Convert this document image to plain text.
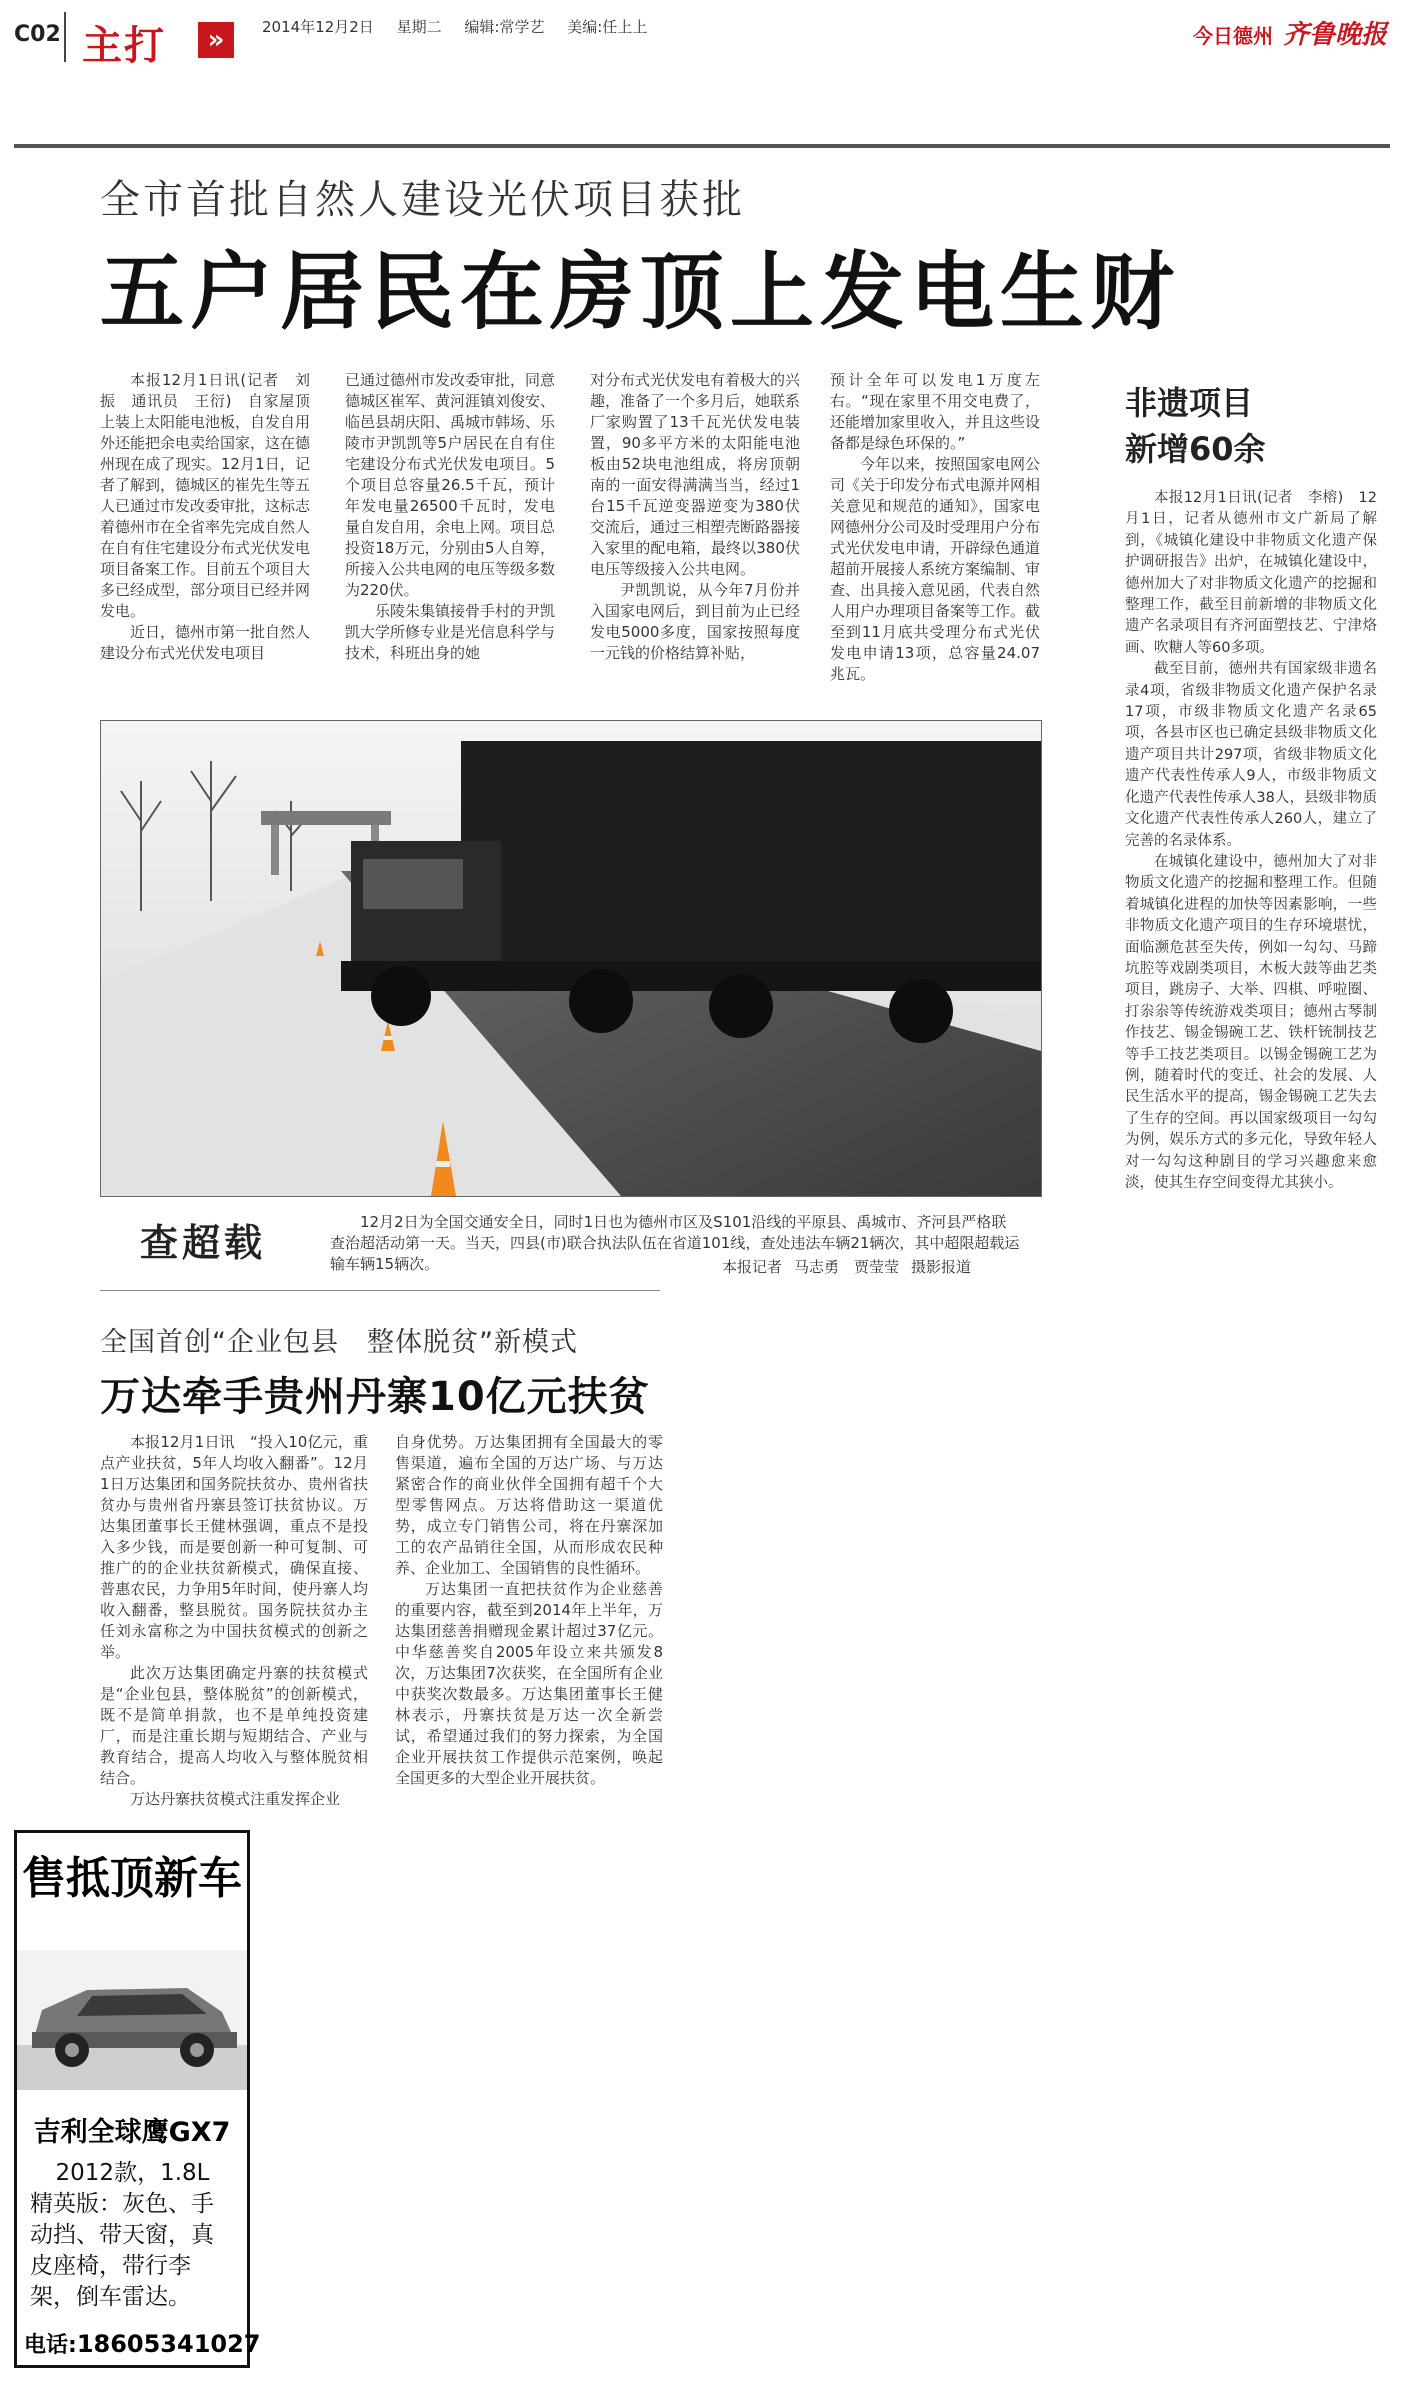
C02 主打	»	2014年12月2日 星期二 编辑:常学艺 美编:任上上	今日德州 齐鲁晚报
全市首批自然人建设光伏项目获批
五户居民在房顶上发电生财

本报12月1日讯(记者　刘振　通讯员　王衍)　自家屋顶上装上太阳能电池板，自发自用外还能把余电卖给国家，这在德州现在成了现实。12月1日，记者了解到，德城区的崔先生等五人已通过市发改委审批，这标志着德州市在全省率先完成自然人在自有住宅建设分布式光伏发电项目备案工作。目前五个项目大多已经成型，部分项目已经并网发电。

近日，德州市第一批自然人建设分布式光伏发电项目

已通过德州市发改委审批，同意德城区崔军、黄河涯镇刘俊安、临邑县胡庆阳、禹城市韩场、乐陵市尹凯凯等5户居民在自有住宅建设分布式光伏发电项目。5个项目总容量26.5千瓦，预计年发电量26500千瓦时，发电量自发自用，余电上网。项目总投资18万元，分别由5人自筹，所接入公共电网的电压等级多数为220伏。

乐陵朱集镇接骨手村的尹凯凯大学所修专业是光信息科学与技术，科班出身的她

对分布式光伏发电有着极大的兴趣，准备了一个多月后，她联系厂家购置了13千瓦光伏发电装置，90多平方米的太阳能电池板由52块电池组成，将房顶朝南的一面安得满满当当，经过1台15千瓦逆变器逆变为380伏交流后，通过三相塑壳断路器接入家里的配电箱，最终以380伏电压等级接入公共电网。

尹凯凯说，从今年7月份并入国家电网后，到目前为止已经发电5000多度，国家按照每度一元钱的价格结算补贴，

预计全年可以发电1万度左右。“现在家里不用交电费了，还能增加家里收入，并且这些设备都是绿色环保的。”

今年以来，按照国家电网公司《关于印发分布式电源并网相关意见和规范的通知》，国家电网德州分公司及时受理用户分布式光伏发电申请，开辟绿色通道超前开展接人系统方案编制、审查、出具接入意见函，代表自然人用户办理项目备案等工作。截至到11月底共受理分布式光伏发电申请13项，总容量24.07兆瓦。

非遗项目
新增60余

本报12月1日讯(记者　李榕)　12月1日，记者从德州市文广新局了解到，《城镇化建设中非物质文化遗产保护调研报告》出炉，在城镇化建设中，德州加大了对非物质文化遗产的挖掘和整理工作，截至目前新增的非物质文化遗产名录项目有齐河面塑技艺、宁津烙画、吹糖人等60多项。

截至目前，德州共有国家级非遗名录4项，省级非物质文化遗产保护名录17项，市级非物质文化遗产名录65项，各县市区也已确定县级非物质文化遗产项目共计297项，省级非物质文化遗产代表性传承人9人，市级非物质文化遗产代表性传承人38人，县级非物质文化遗产代表性传承人260人，建立了完善的名录体系。

在城镇化建设中，德州加大了对非物质文化遗产的挖掘和整理工作。但随着城镇化进程的加快等因素影响，一些非物质文化遗产项目的生存环境堪忧，面临濒危甚至失传，例如一勾勾、马蹄坑腔等戏剧类项目，木板大鼓等曲艺类项目，跳房子、大举、四棋、呼啦圈、打尜尜等传统游戏类项目；德州古琴制作技艺、锡金锡碗工艺、铁杆铳制技艺等手工技艺类项目。以锡金锡碗工艺为例，随着时代的变迁、社会的发展、人民生活水平的提高，锡金锡碗工艺失去了生存的空间。再以国家级项目一勾勾为例，娱乐方式的多元化，导致年轻人对一勾勾这种剧目的学习兴趣愈来愈淡，使其生存空间变得尤其狭小。

查超载	12月2日为全国交通安全日，同时1日也为德州市区及S101沿线的平原县、禹城市、齐河县严格联查治超活动第一天。当天，四县(市)联合执法队伍在省道101线，查处违法车辆21辆次，其中超限超载运输车辆15辆次。	本报记者 马志勇　贾莹莹 摄影报道
全国首创“企业包县　整体脱贫”新模式
万达牵手贵州丹寨10亿元扶贫

本报12月1日讯　“投入10亿元，重点产业扶贫，5年人均收入翻番”。12月1日万达集团和国务院扶贫办、贵州省扶贫办与贵州省丹寨县签订扶贫协议。万达集团董事长王健林强调，重点不是投入多少钱，而是要创新一种可复制、可推广的的企业扶贫新模式，确保直接、普惠农民，力争用5年时间，使丹寨人均收入翻番，整县脱贫。国务院扶贫办主任刘永富称之为中国扶贫模式的创新之举。

此次万达集团确定丹寨的扶贫模式是“企业包县，整体脱贫”的创新模式，既不是简单捐款，也不是单纯投资建厂，而是注重长期与短期结合、产业与教育结合，提高人均收入与整体脱贫相结合。

万达丹寨扶贫模式注重发挥企业

自身优势。万达集团拥有全国最大的零售渠道，遍布全国的万达广场、与万达紧密合作的商业伙伴全国拥有超千个大型零售网点。万达将借助这一渠道优势，成立专门销售公司，将在丹寨深加工的农产品销往全国，从而形成农民种养、企业加工、全国销售的良性循环。

万达集团一直把扶贫作为企业慈善的重要内容，截至到2014年上半年，万达集团慈善捐赠现金累计超过37亿元。中华慈善奖自2005年设立来共颁发8次，万达集团7次获奖，在全国所有企业中获奖次数最多。万达集团董事长王健林表示，丹寨扶贫是万达一次全新尝试，希望通过我们的努力探索，为全国企业开展扶贫工作提供示范案例，唤起全国更多的大型企业开展扶贫。

售抵顶新车
吉利全球鹰GX7
2012款，1.8L
精英版：灰色、手动挡、带天窗，真皮座椅，带行李架，倒车雷达。
电话:18605341027
